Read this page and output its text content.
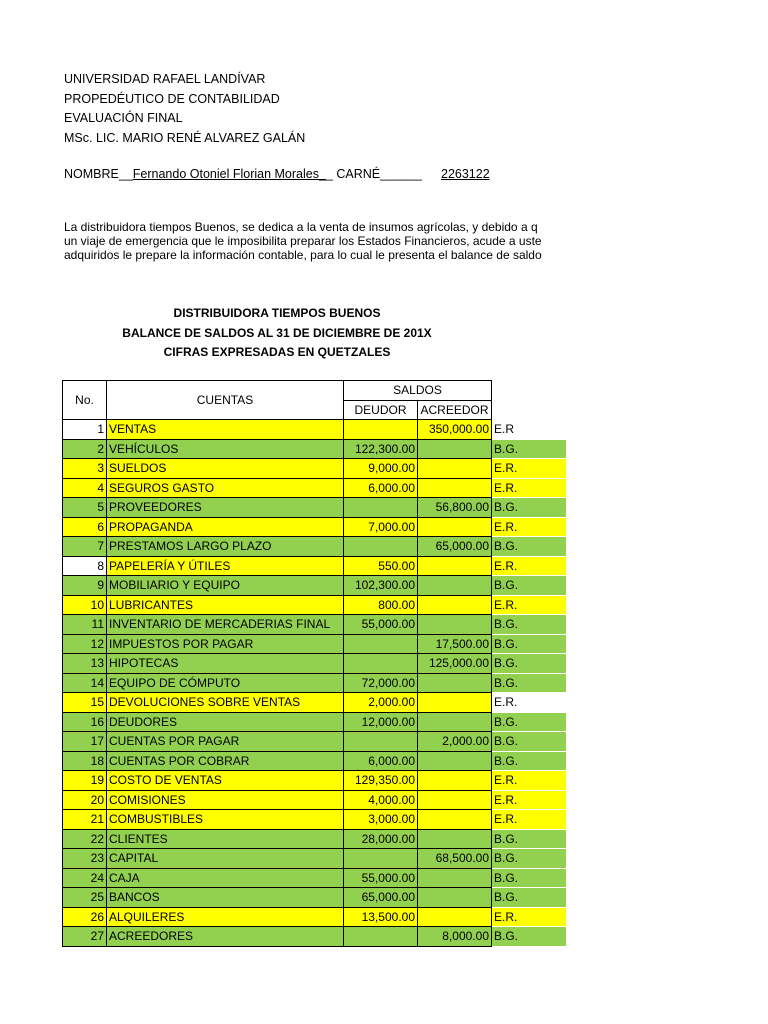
UNIVERSIDAD RAFAEL LANDÍVAR
PROPEDÉUTICO DE CONTABILIDAD
EVALUACIÓN FINAL
MSc. LIC. MARIO RENÉ ALVAREZ GALÁN
NOMBRE__Fernando Otoniel Florian Morales__ CARNÉ______ 2263122
La distribuidora tiempos Buenos, se dedica a la venta de insumos agrícolas, y debido a q
un viaje de emergencia que le imposibilita preparar los Estados Financieros, acude a uste
adquiridos le prepare la información contable, para lo cual le presenta el balance de saldo
DISTRIBUIDORA TIEMPOS BUENOS
BALANCE DE SALDOS AL 31 DE DICIEMBRE DE 201X
CIFRAS EXPRESADAS EN QUETZALES
No.	CUENTAS	SALDOS		
		DEUDOR	ACREEDOR	
1	VENTAS		350,000.00	E.R
2	VEHÍCULOS	122,300.00		B.G.
3	SUELDOS	9,000.00		E.R.
4	SEGUROS GASTO	6,000.00		E.R.
5	PROVEEDORES		56,800.00	B.G.
6	PROPAGANDA	7,000.00		E.R.
7	PRESTAMOS LARGO PLAZO		65,000.00	B.G.
8	PAPELERÍA Y ÚTILES	550.00		E.R.
9	MOBILIARIO Y EQUIPO	102,300.00		B.G.
10	LUBRICANTES	800.00		E.R.
11	INVENTARIO DE MERCADERIAS FINAL	55,000.00		B.G.
12	IMPUESTOS POR PAGAR		17,500.00	B.G.
13	HIPOTECAS		125,000.00	B.G.
14	EQUIPO DE CÓMPUTO	72,000.00		B.G.
15	DEVOLUCIONES SOBRE VENTAS	2,000.00		E.R.
16	DEUDORES	12,000.00		B.G.
17	CUENTAS POR PAGAR		2,000.00	B.G.
18	CUENTAS POR COBRAR	6,000.00		B.G.
19	COSTO DE VENTAS	129,350.00		E.R.
20	COMISIONES	4,000.00		E.R.
21	COMBUSTIBLES	3,000.00		E.R.
22	CLIENTES	28,000.00		B.G.
23	CAPITAL		68,500.00	B.G.
24	CAJA	55,000.00		B.G.
25	BANCOS	65,000.00		B.G.
26	ALQUILERES	13,500.00		E.R.
27	ACREEDORES		8,000.00	B.G.
